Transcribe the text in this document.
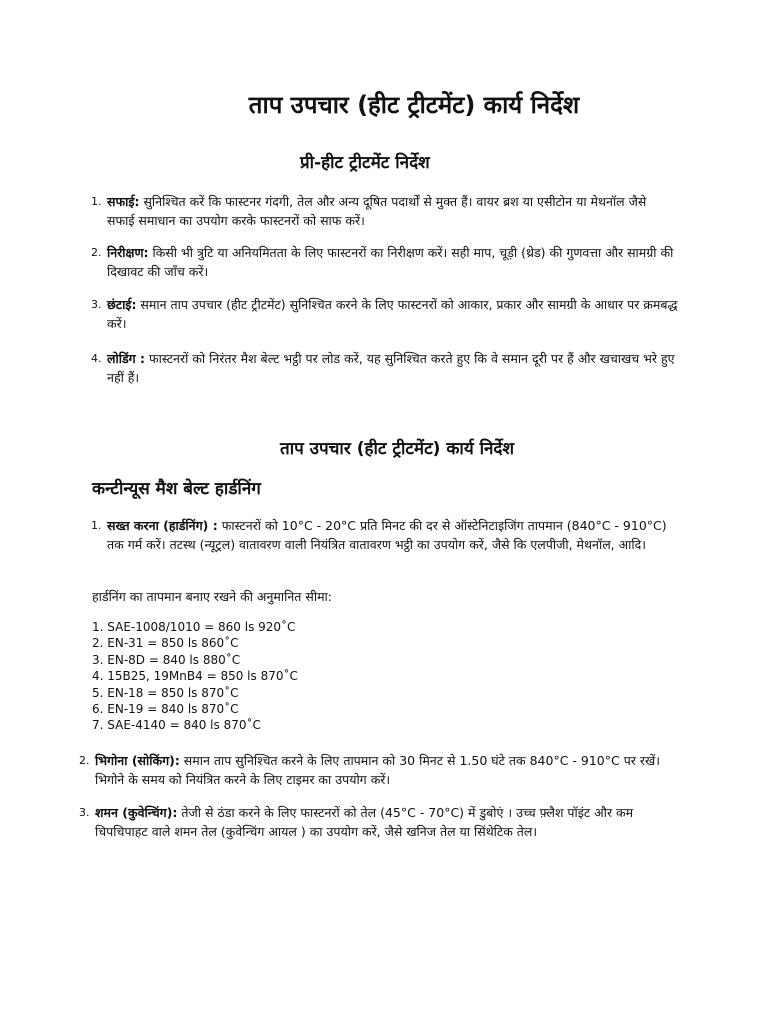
ताप उपचार (हीट ट्रीटमेंट) कार्य निर्देश
प्री-हीट ट्रीटमेंट निर्देश
1. सफाई: सुनिश्चित करें कि फास्टनर गंदगी, तेल और अन्य दूषित पदार्थों से मुक्त हैं। वायर ब्रश या एसीटोन या मेथनॉल जैसे सफाई समाधान का उपयोग करके फास्टनरों को साफ करें।
2. निरीक्षण: किसी भी त्रुटि या अनियमितता के लिए फास्टनरों का निरीक्षण करें। सही माप, चूड़ी (थ्रेड) की गुणवत्ता और सामग्री की दिखावट की जाँच करें।
3. छंटाई: समान ताप उपचार (हीट ट्रीटमेंट) सुनिश्चित करने के लिए फास्टनरों को आकार, प्रकार और सामग्री के आधार पर क्रमबद्ध करें।
4. लोडिंग : फास्टनरों को निरंतर मैश बेल्ट भट्ठी पर लोड करें, यह सुनिश्चित करते हुए कि वे समान दूरी पर हैं और खचाखच भरे हुए नहीं हैं।
ताप उपचार (हीट ट्रीटमेंट) कार्य निर्देश
कन्टीन्यूस मैश बेल्ट हार्डनिंग
1. सख्त करना (हार्डनिंग) : फास्टनरों को 10°C - 20°C प्रति मिनट की दर से ऑस्टेनिटाइजिंग तापमान (840°C - 910°C) तक गर्म करें। तटस्थ (न्यूट्रल) वातावरण वाली नियंत्रित वातावरण भट्ठी का उपयोग करें, जैसे कि एलपीजी, मेथनॉल, आदि।
हार्डनिंग का तापमान बनाए रखने की अनुमानित सीमा:
1. SAE-1008/1010 = 860 ls 920˚C
2. EN-31 = 850 ls 860˚C
3. EN-8D = 840 ls 880˚C
4. 15B25, 19MnB4 = 850 ls 870˚C
5. EN-18 = 850 ls 870˚C
6. EN-19 = 840 ls 870˚C
7. SAE-4140 = 840 ls 870˚C
2. भिगोना (सोकिंग): समान ताप सुनिश्चित करने के लिए तापमान को 30 मिनट से 1.50 घंटे तक 840°C - 910°C पर रखें। भिगोने के समय को नियंत्रित करने के लिए टाइमर का उपयोग करें।
3. शमन (कुवेन्चिंग): तेजी से ठंडा करने के लिए फास्टनरों को तेल (45°C - 70°C) में डुबोएं । उच्च फ़्लैश पॉइंट और कम चिपचिपाहट वाले शमन तेल (कुवेन्चिंग आयल ) का उपयोग करें, जैसे खनिज तेल या सिंथेटिक तेल।
